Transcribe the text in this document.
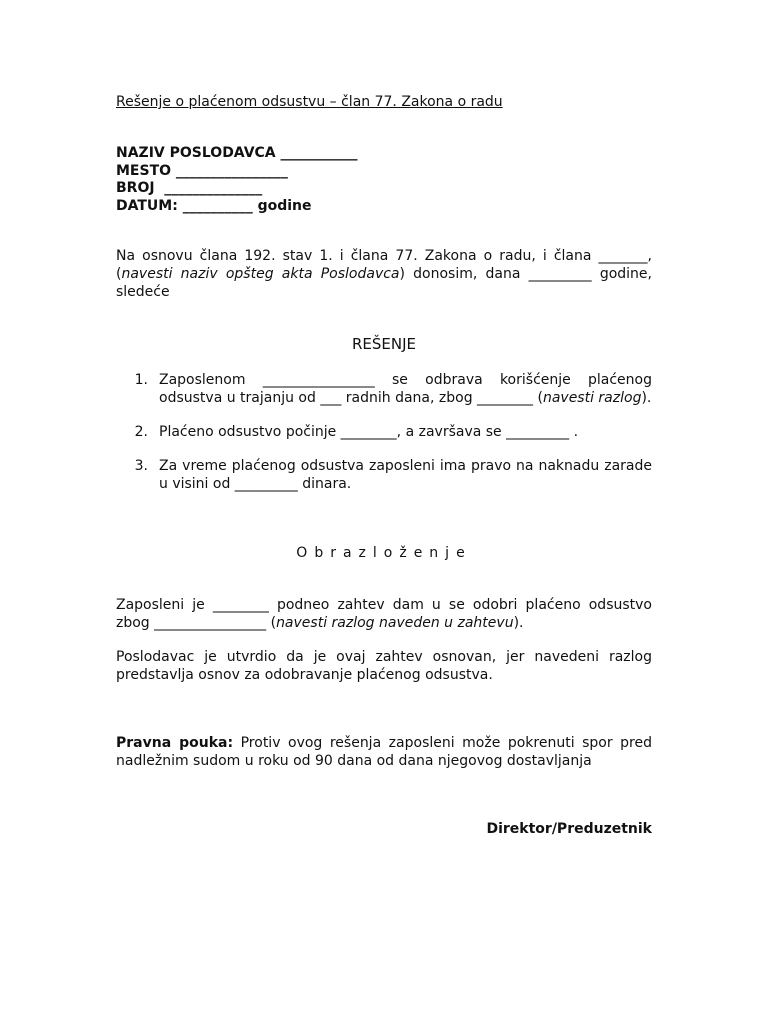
Rešenje o plaćenom odsustvu – član 77. Zakona o radu
NAZIV POSLODAVCA ___________
MESTO ________________
BROJ  ______________
DATUM: __________ godine
Na osnovu člana 192. stav 1. i člana 77. Zakona o radu, i člana _______, (navesti naziv opšteg akta Poslodavca) donosim, dana _________ godine, sledeće
REŠENJE
1. Zaposlenom ________________ se odbrava korišćenje plaćenog odsustva u trajanju od ___ radnih dana, zbog ________ (navesti razlog).
2. Plaćeno odsustvo počinje ________, a završava se _________ .
3. Za vreme plaćenog odsustva zaposleni ima pravo na naknadu zarade u visini od _________ dinara.
Obrazloženje
Zaposleni je ________ podneo zahtev dam u se odobri plaćeno odsustvo zbog ________________ (navesti razlog naveden u zahtevu).
Poslodavac je utvrdio da je ovaj zahtev osnovan, jer navedeni razlog predstavlja osnov za odobravanje plaćenog odsustva.
Pravna pouka: Protiv ovog rešenja zaposleni može pokrenuti spor pred nadležnim sudom u roku od 90 dana od dana njegovog dostavljanja
Direktor/Preduzetnik
